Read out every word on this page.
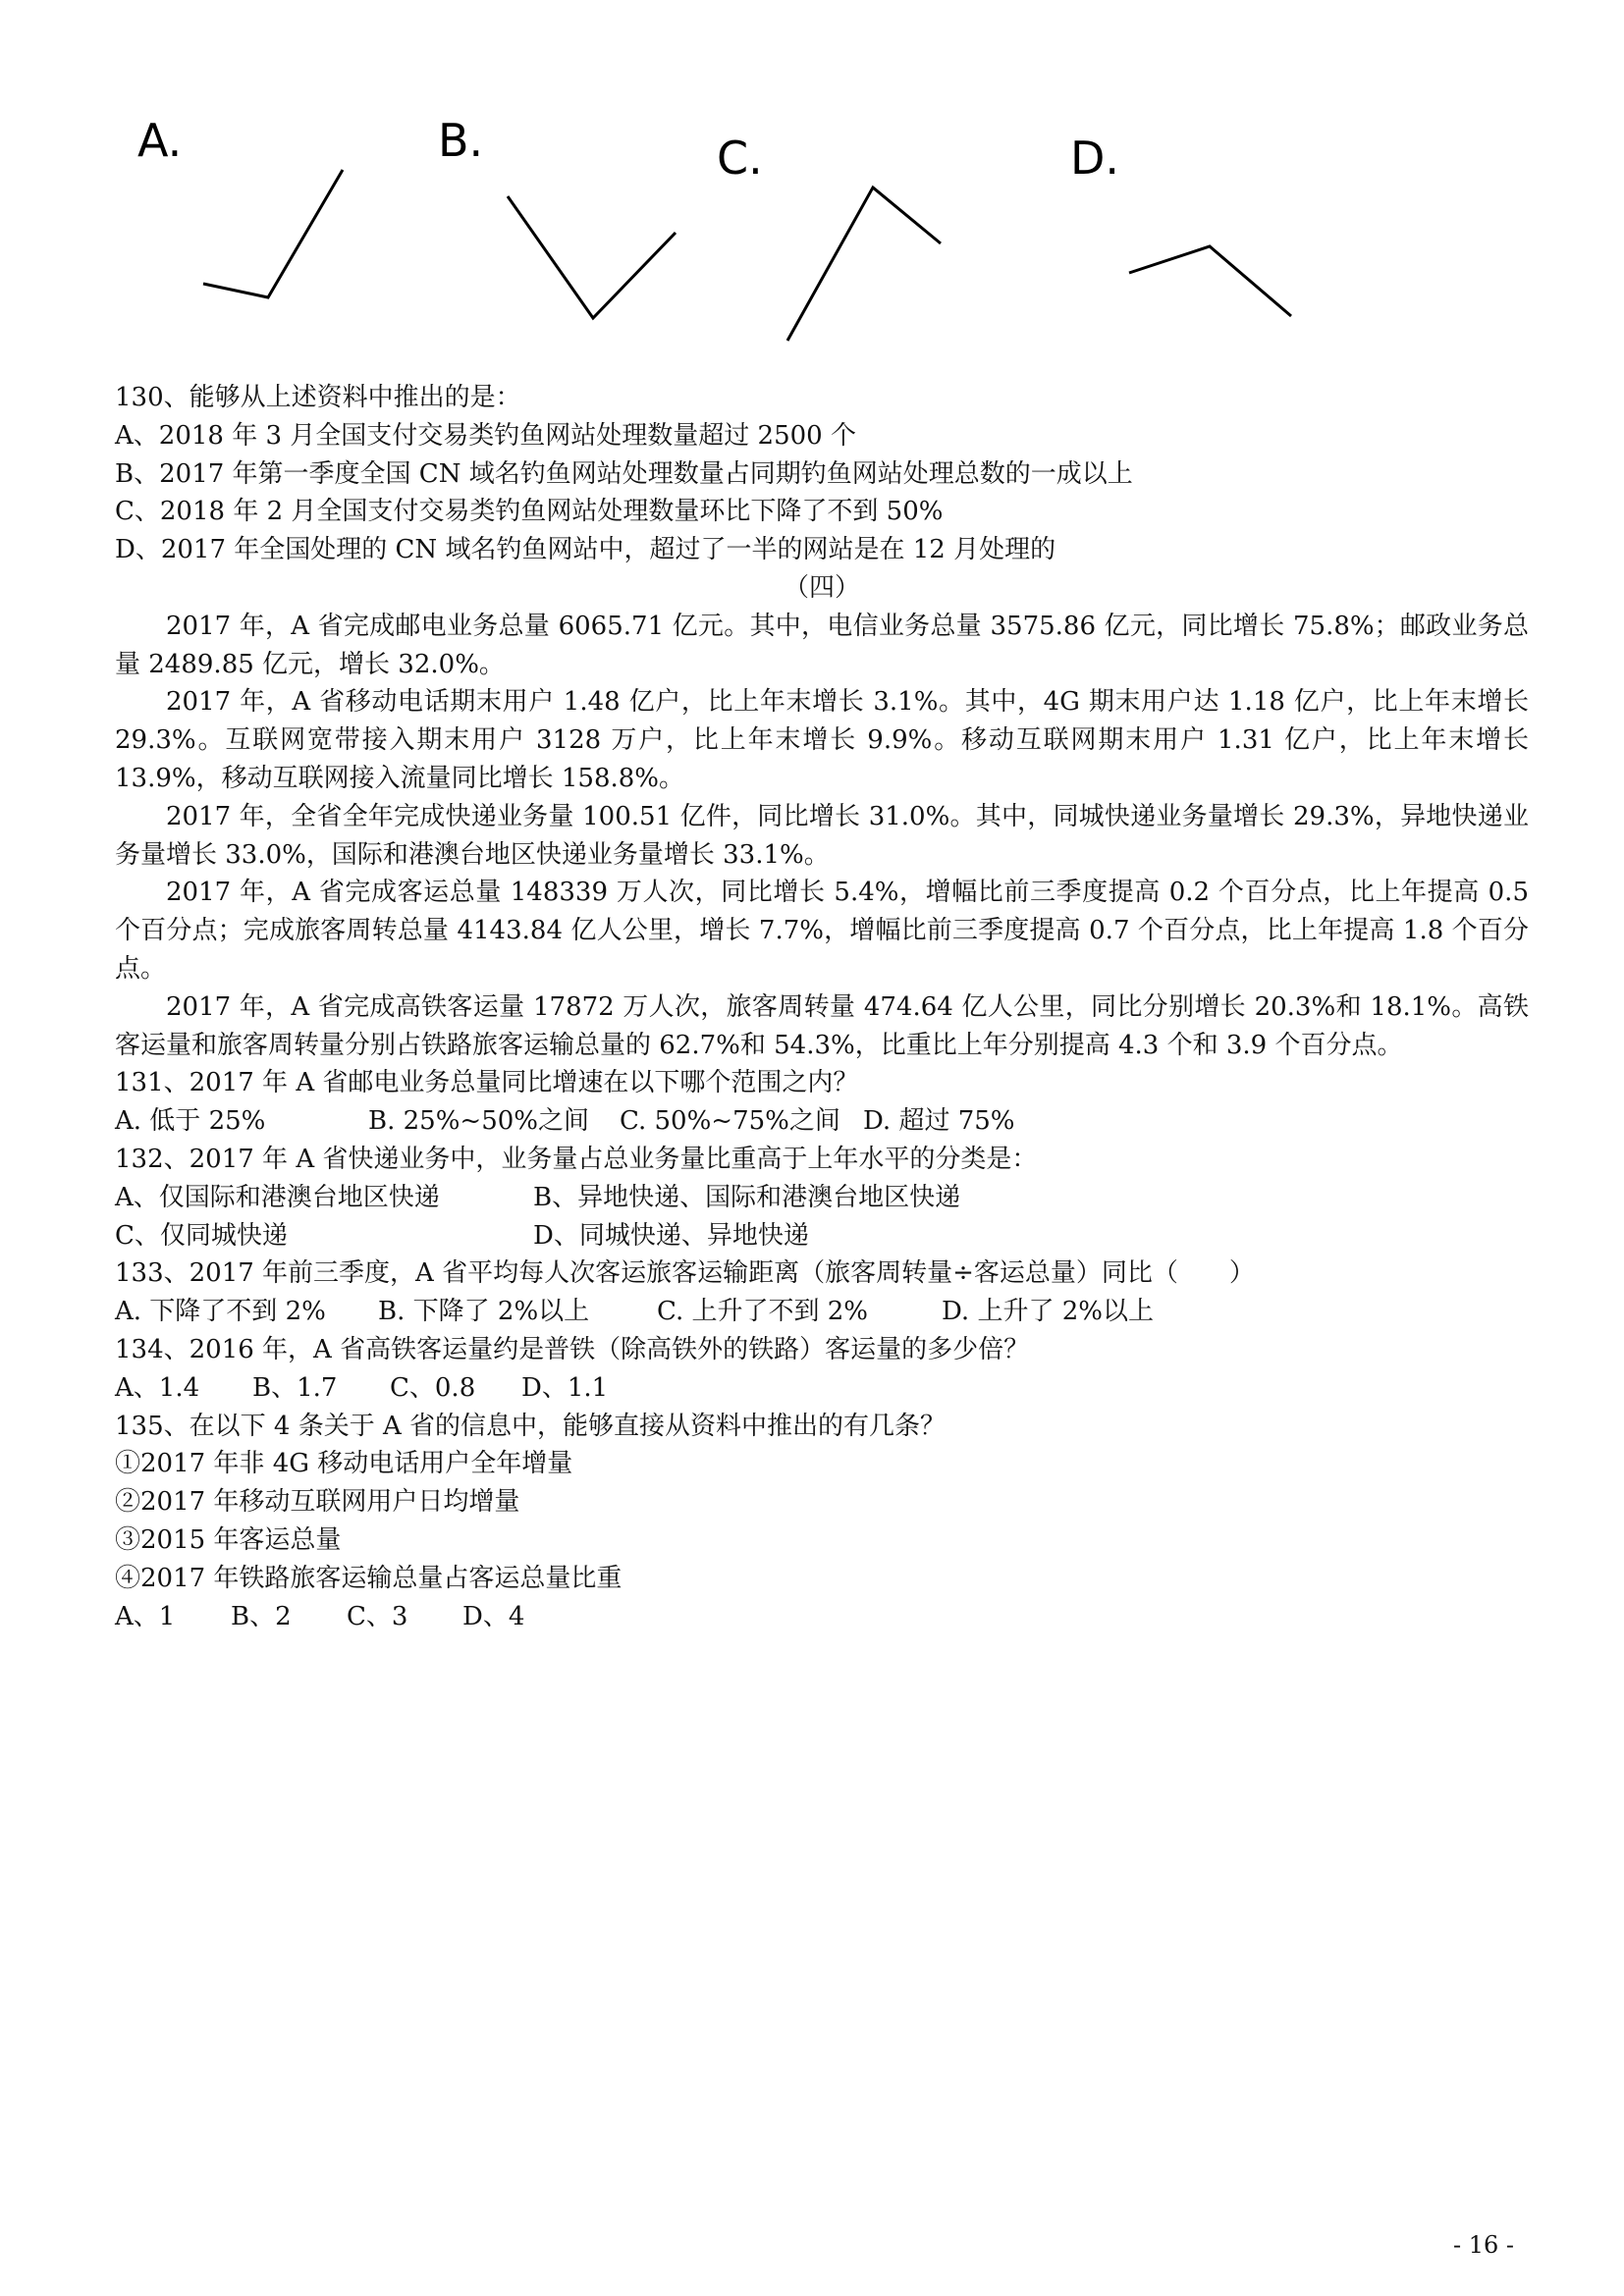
A.	B.	C.	D.
130、能够从上述资料中推出的是：
A、2018 年 3 月全国支付交易类钓鱼网站处理数量超过 2500 个
B、2017 年第一季度全国 CN 域名钓鱼网站处理数量占同期钓鱼网站处理总数的一成以上
C、2018 年 2 月全国支付交易类钓鱼网站处理数量环比下降了不到 50%
D、2017 年全国处理的 CN 域名钓鱼网站中，超过了一半的网站是在 12 月处理的
（四）
2017 年，A 省完成邮电业务总量 6065.71 亿元。其中，电信业务总量 3575.86 亿元，同比增长 75.8%；邮政业务总量 2489.85 亿元，增长 32.0%。
2017 年，A 省移动电话期末用户 1.48 亿户，比上年末增长 3.1%。其中，4G 期末用户达 1.18 亿户，比上年末增长 29.3%。互联网宽带接入期末用户 3128 万户，比上年末增长 9.9%。移动互联网期末用户 1.31 亿户，比上年末增长 13.9%，移动互联网接入流量同比增长 158.8%。
2017 年，全省全年完成快递业务量 100.51 亿件，同比增长 31.0%。其中，同城快递业务量增长 29.3%，异地快递业务量增长 33.0%，国际和港澳台地区快递业务量增长 33.1%。
2017 年，A 省完成客运总量 148339 万人次，同比增长 5.4%，增幅比前三季度提高 0.2 个百分点，比上年提高 0.5 个百分点；完成旅客周转总量 4143.84 亿人公里，增长 7.7%，增幅比前三季度提高 0.7 个百分点，比上年提高 1.8 个百分点。
2017 年，A 省完成高铁客运量 17872 万人次，旅客周转量 474.64 亿人公里，同比分别增长 20.3%和 18.1%。高铁客运量和旅客周转量分别占铁路旅客运输总量的 62.7%和 54.3%，比重比上年分别提高 4.3 个和 3.9 个百分点。
131、2017 年 A 省邮电业务总量同比增速在以下哪个范围之内？
A. 低于 25%	B. 25%~50%之间	C. 50%~75%之间 D. 超过 75%
132、2017 年 A 省快递业务中，业务量占总业务量比重高于上年水平的分类是：
A、仅国际和港澳台地区快递	B、异地快递、国际和港澳台地区快递
C、仅同城快递	D、同城快递、异地快递
133、2017 年前三季度，A 省平均每人次客运旅客运输距离（旅客周转量÷客运总量）同比（　　）
A. 下降了不到 2%	B. 下降了 2%以上	C. 上升了不到 2%	D. 上升了 2%以上
134、2016 年，A 省高铁客运量约是普铁（除高铁外的铁路）客运量的多少倍？
A、1.4	B、1.7	C、0.8	D、1.1
135、在以下 4 条关于 A 省的信息中，能够直接从资料中推出的有几条？
①2017 年非 4G 移动电话用户全年增量
②2017 年移动互联网用户日均增量
③2015 年客运总量
④2017 年铁路旅客运输总量占客运总量比重
A、1	B、2	C、3	D、4
- 16 -
